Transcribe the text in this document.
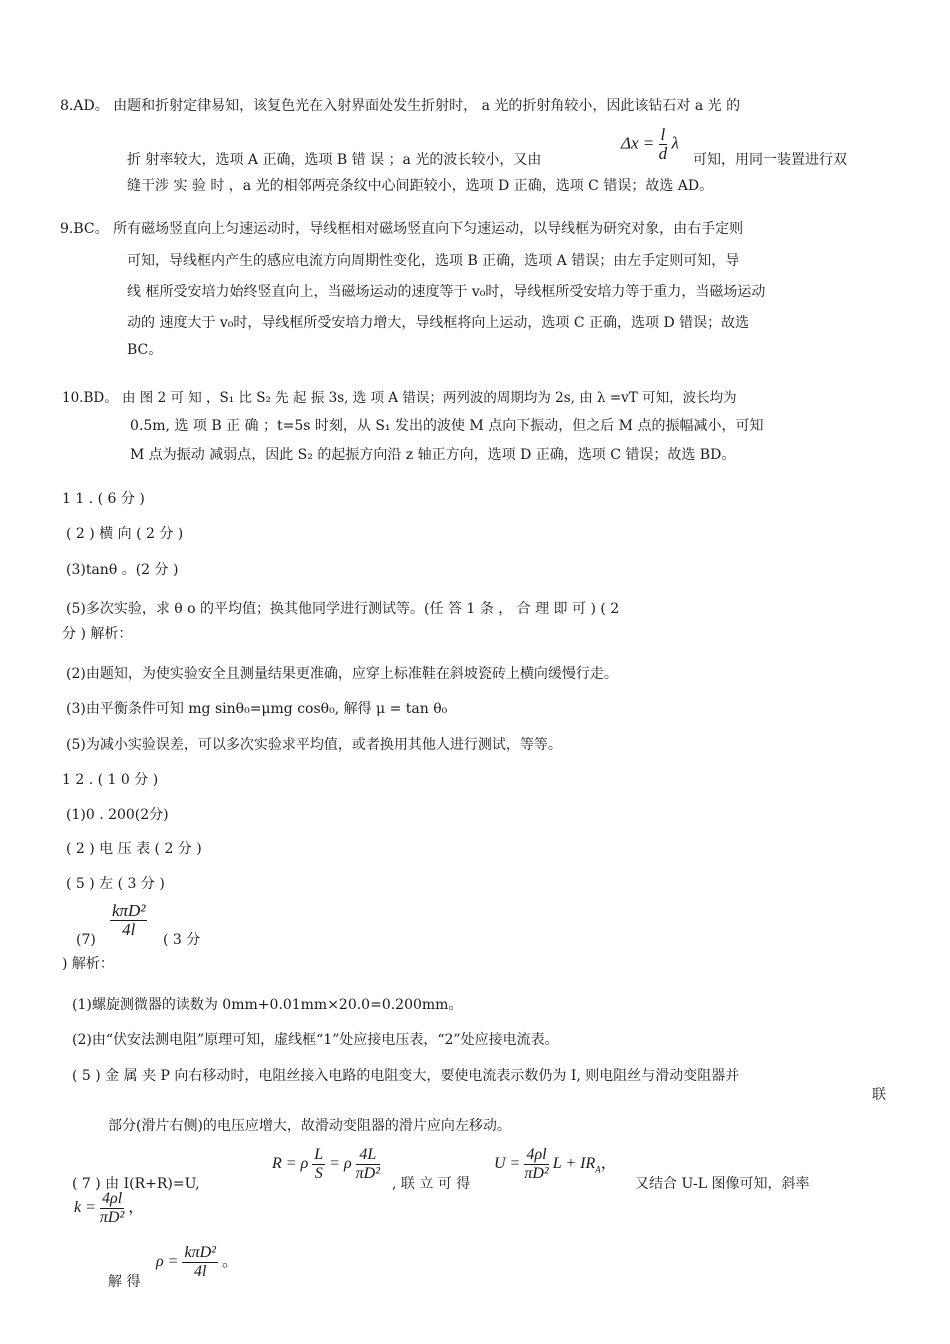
8.AD。 由题和折射定律易知，该复色光在入射界面处发生折射时， a 光的折射角较小，因此该钻石对 a 光 的
折 射率较大，选项 A 正确，选项 B 错 误 ；a 光的波长较小，又由
$\Delta x = \frac{l}{d}$ λ
可知，用同一装置进行双
缝干涉 实 验 时 ，a 光的相邻两亮条纹中心间距较小，选项 D 正确，选项 C 错误；故选 AD。
9.BC。 所有磁场竖直向上匀速运动时，导线框相对磁场竖直向下匀速运动，以导线框为研究对象，由右手定则
可知，导线框内产生的感应电流方向周期性变化，选项 B 正确，选项 A 错误；由左手定则可知，导
线 框所受安培力始终竖直向上，当磁场运动的速度等于 v₀时，导线框所受安培力等于重力，当磁场运动
动的 速度大于 v₀时，导线框所受安培力增大，导线框将向上运动，选项 C 正确，选项 D 错误；故选
BC。
10.BD。 由 图 2 可 知 ，S₁ 比 S₂ 先 起 振 3s, 选 项 A 错误；两列波的周期均为 2s, 由 λ =vT 可知，波长均为
0.5m, 选 项 B 正 确 ；t=5s 时刻，从 S₁ 发出的波使 M 点向下振动，但之后 M 点的振幅减小，可知
M 点为振动 减弱点，因此 S₂ 的起振方向沿 z 轴正方向，选项 D 正确，选项 C 错误；故选 BD。
1 1 . ( 6 分 )
( 2 ) 横 向 ( 2 分 )
(3)tanθ 。(2 分 )
(5)多次实验，求 θ o 的平均值；换其他同学进行测试等。(任 答 1 条 ， 合 理 即 可 ) ( 2
分 ) 解析：
(2)由题知，为使实验安全且测量结果更准确，应穿上标准鞋在斜坡瓷砖上横向缓慢行走。
(3)由平衡条件可知 mg sinθ₀=μmg cosθ₀, 解得 μ = tan θ₀
(5)为减小实验误差，可以多次实验求平均值，或者换用其他人进行测试，等等。
1 2 . ( 1 0 分 )
(1)0 . 200(2分)
( 2 ) 电 压 表 ( 2 分 )
( 5 ) 左 ( 3 分 )
$\frac{\text{kπD²}}{4l}$
(7)	( 3 分
) 解析：
(1)螺旋测微器的读数为 0mm+0.01mm×20.0=0.200mm。
(2)由“伏安法测电阻”原理可知，虚线框“1”处应接电压表，“2”处应接电流表。
( 5 ) 金 属 夹 P 向右移动时，电阻丝接入电路的电阻变大，要使电流表示数仍为 I, 则电阻丝与滑动变阻器并
联
部分(滑片右侧)的电压应增大，故滑动变阻器的滑片应向左移动。
( 7 ) 由 I(R+R)=U,
R = ρ $\frac{L}{S} = \rho \frac{4L}{\text{πD²}}$
, 联 立 可 得
$U = \frac{4\rho l}{\text{πD²}}$ $L + IR_A$，
又结合 U-L 图像可知，斜率
$k = \frac{4\rho l}{\text{πD²}}$ ，
解 得
$\rho = \frac{\text{kπD²}}{4l}$ 。
